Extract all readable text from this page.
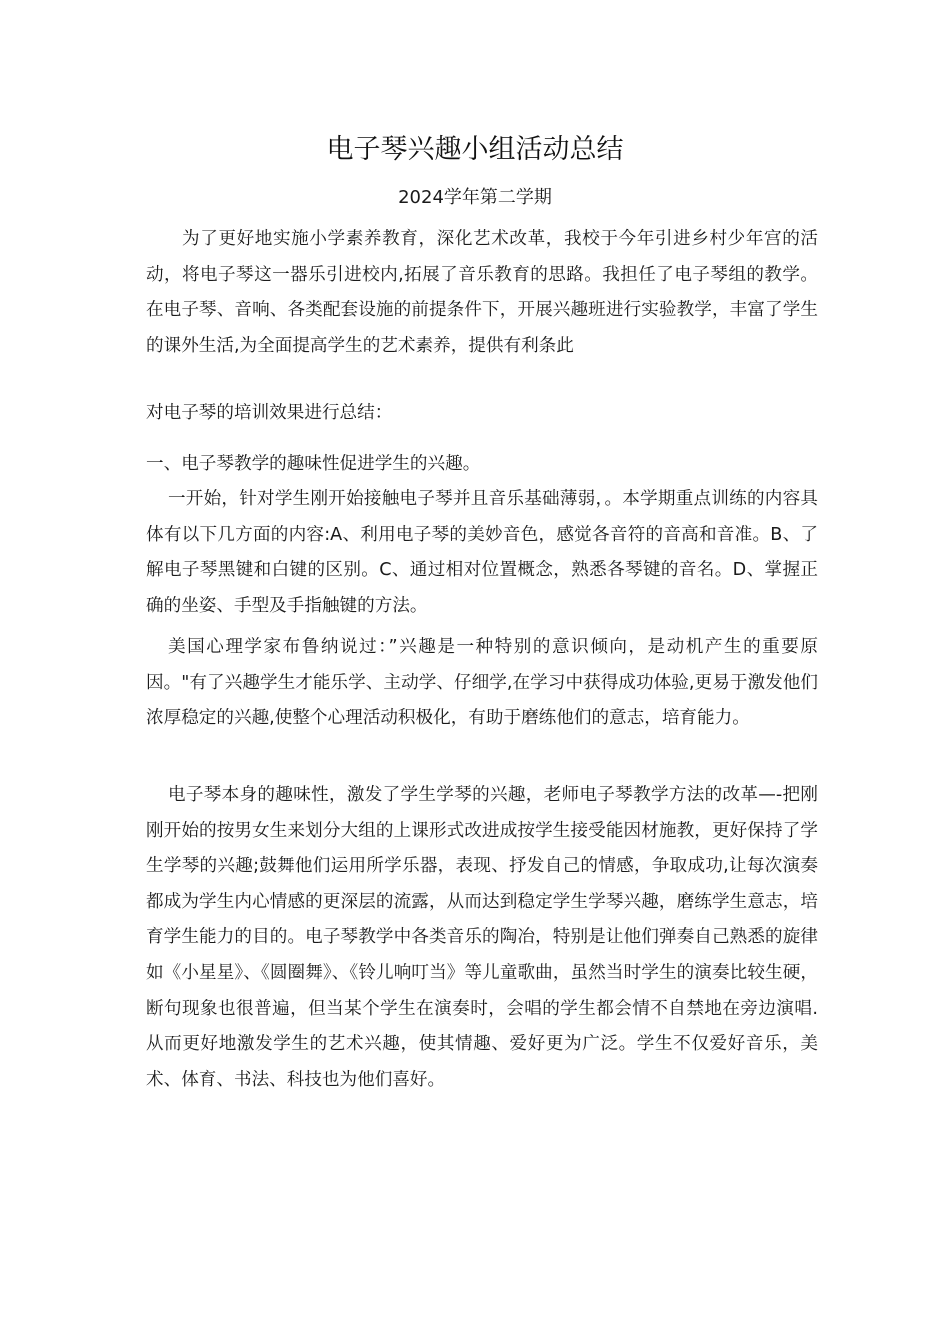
电子琴兴趣小组活动总结

2024学年第二学期

为了更好地实施小学素养教育，深化艺术改革，我校于今年引进乡村少年宫的活动，将电子琴这一器乐引进校内,拓展了音乐教育的思路。我担任了电子琴组的教学。在电子琴、音响、各类配套设施的前提条件下，开展兴趣班进行实验教学，丰富了学生的课外生活,为全面提高学生的艺术素养，提供有利条此

对电子琴的培训效果进行总结：

一、电子琴教学的趣味性促进学生的兴趣。

一开始，针对学生刚开始接触电子琴并且音乐基础薄弱，。本学期重点训练的内容具体有以下几方面的内容:A、利用电子琴的美妙音色，感觉各音符的音高和音准。B、了解电子琴黑键和白键的区别。C、通过相对位置概念，熟悉各琴键的音名。D、掌握正确的坐姿、手型及手指触键的方法。

美国心理学家布鲁纳说过：”兴趣是一种特别的意识倾向，是动机产生的重要原因。"有了兴趣学生才能乐学、主动学、仔细学,在学习中获得成功体验,更易于激发他们浓厚稳定的兴趣,使整个心理活动积极化，有助于磨练他们的意志，培育能力。

电子琴本身的趣味性，激发了学生学琴的兴趣，老师电子琴教学方法的改革—-把刚刚开始的按男女生来划分大组的上课形式改进成按学生接受能因材施教，更好保持了学生学琴的兴趣;鼓舞他们运用所学乐器，表现、抒发自己的情感，争取成功,让每次演奏都成为学生内心情感的更深层的流露，从而达到稳定学生学琴兴趣，磨练学生意志，培育学生能力的目的。电子琴教学中各类音乐的陶冶，特别是让他们弹奏自己熟悉的旋律如《小星星》、《圆圈舞》、《铃儿响叮当》等儿童歌曲，虽然当时学生的演奏比较生硬，断句现象也很普遍，但当某个学生在演奏时，会唱的学生都会情不自禁地在旁边演唱.从而更好地激发学生的艺术兴趣，使其情趣、爱好更为广泛。学生不仅爱好音乐，美术、体育、书法、科技也为他们喜好。
